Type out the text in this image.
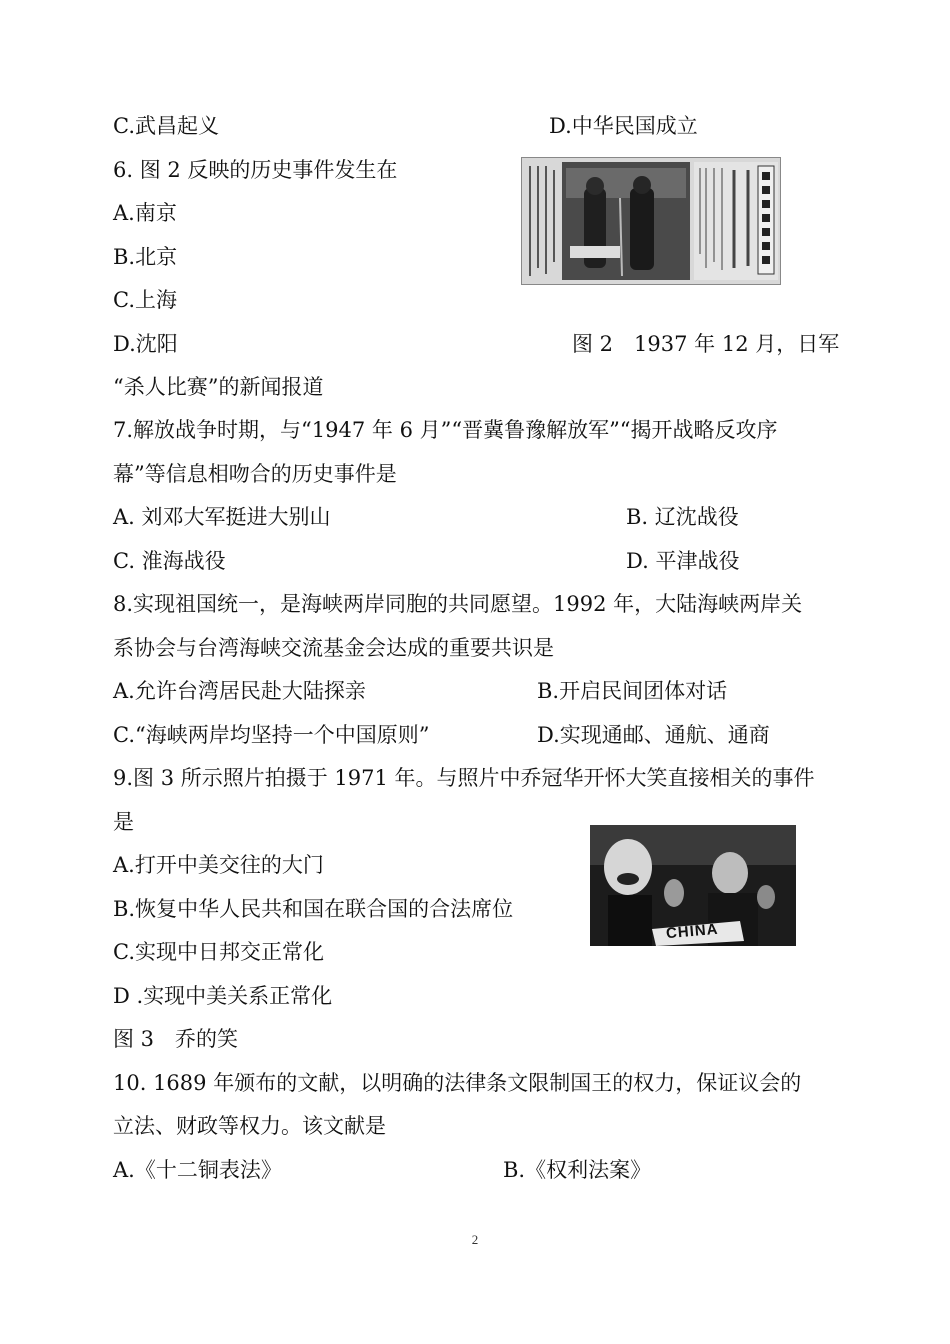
C.武昌起义	D.中华民国成立
6. 图 2 反映的历史事件发生在
A.南京
B.北京
C.上海
D.沈阳	图 2　1937 年 12 月，日军
“杀人比赛”的新闻报道
7.解放战争时期，与“1947 年 6 月”“晋冀鲁豫解放军”“揭开战略反攻序
幕”等信息相吻合的历史事件是
A. 刘邓大军挺进大别山	B. 辽沈战役
C. 淮海战役	D. 平津战役
8.实现祖国统一，是海峡两岸同胞的共同愿望。1992 年，大陆海峡两岸关
系协会与台湾海峡交流基金会达成的重要共识是
A.允许台湾居民赴大陆探亲	B.开启民间团体对话
C.“海峡两岸均坚持一个中国原则”	D.实现通邮、通航、通商
9.图 3 所示照片拍摄于 1971 年。与照片中乔冠华开怀大笑直接相关的事件
是
A.打开中美交往的大门
B.恢复中华人民共和国在联合国的合法席位
C.实现中日邦交正常化
D .实现中美关系正常化
图 3　乔的笑
CHINA
10. 1689 年颁布的文献，以明确的法律条文限制国王的权力，保证议会的
立法、财政等权力。该文献是
A.《十二铜表法》	B.《权利法案》
2
